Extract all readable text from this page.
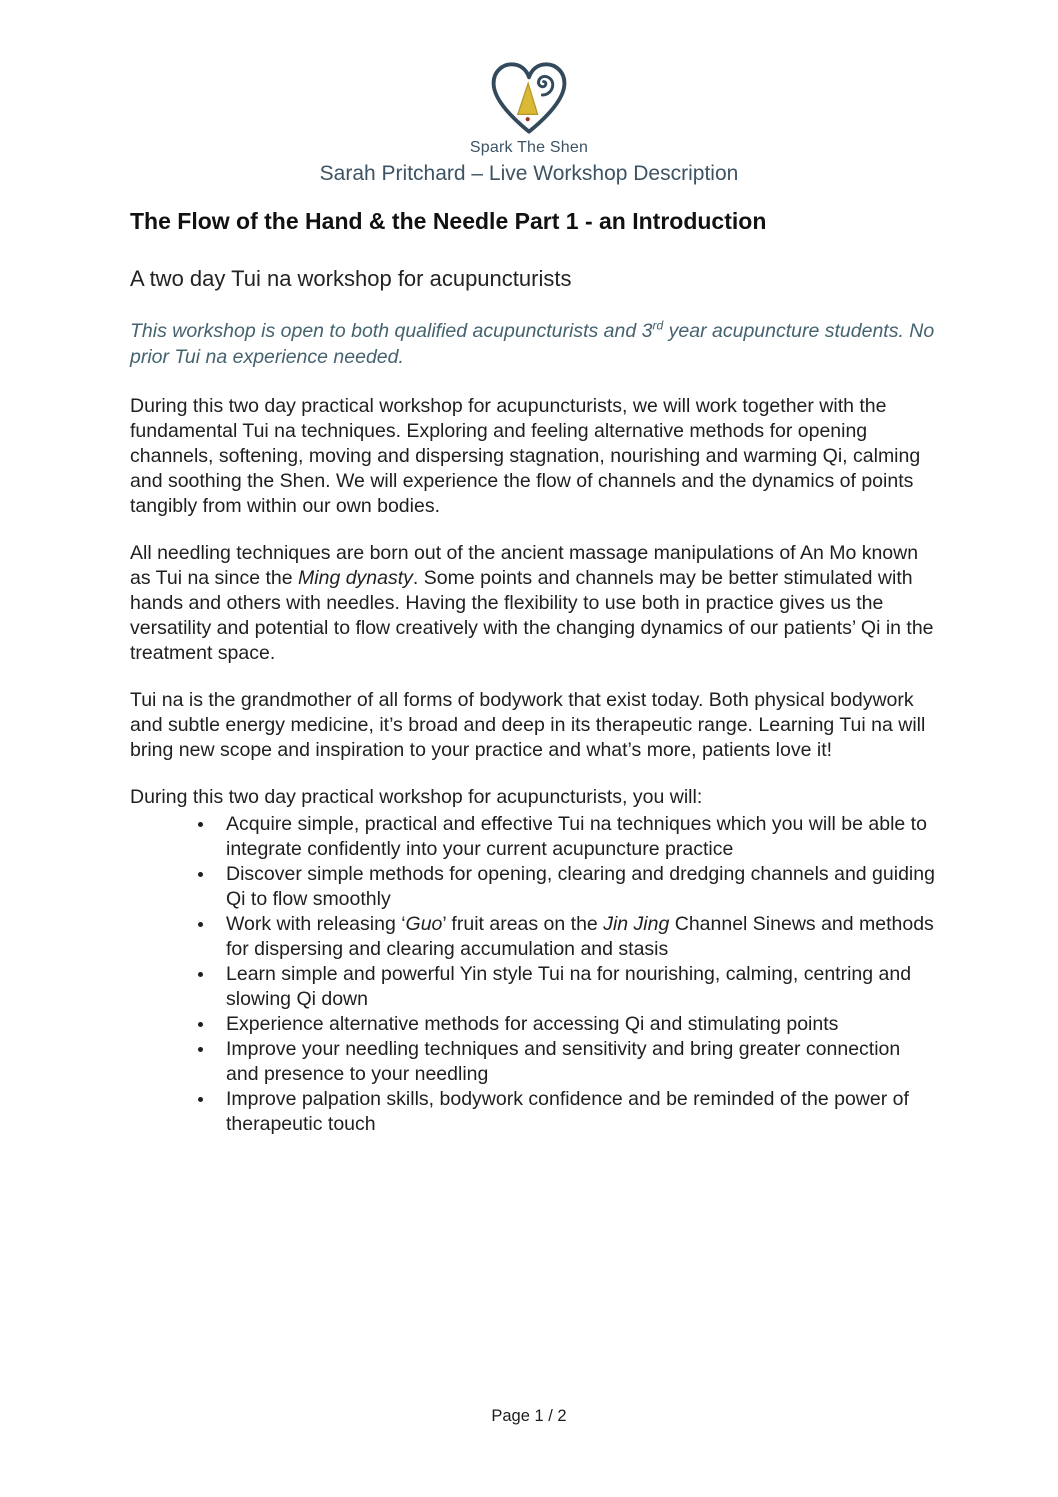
Spark The Shen
Sarah Pritchard – Live Workshop Description
The Flow of the Hand & the Needle Part 1 - an Introduction
A two day Tui na workshop for acupuncturists

This workshop is open to both qualified acupuncturists and 3rd year acupuncture students. No prior Tui na experience needed.

During this two day practical workshop for acupuncturists, we will work together with the fundamental Tui na techniques. Exploring and feeling alternative methods for opening channels, softening, moving and dispersing stagnation, nourishing and warming Qi, calming and soothing the Shen. We will experience the flow of channels and the dynamics of points tangibly from within our own bodies.

All needling techniques are born out of the ancient massage manipulations of An Mo known as Tui na since the Ming dynasty. Some points and channels may be better stimulated with hands and others with needles. Having the flexibility to use both in practice gives us the versatility and potential to flow creatively with the changing dynamics of our patients’ Qi in the treatment space.

Tui na is the grandmother of all forms of bodywork that exist today. Both physical bodywork and subtle energy medicine, it’s broad and deep in its therapeutic range. Learning Tui na will bring new scope and inspiration to your practice and what’s more, patients love it!

During this two day practical workshop for acupuncturists, you will:

Acquire simple, practical and effective Tui na techniques which you will be able to integrate confidently into your current acupuncture practice
Discover simple methods for opening, clearing and dredging channels and guiding Qi to flow smoothly
Work with releasing ‘Guo’ fruit areas on the Jin Jing Channel Sinews and methods for dispersing and clearing accumulation and stasis
Learn simple and powerful Yin style Tui na for nourishing, calming, centring and slowing Qi down
Experience alternative methods for accessing Qi and stimulating points
Improve your needling techniques and sensitivity and bring greater connection and presence to your needling
Improve palpation skills, bodywork confidence and be reminded of the power of therapeutic touch
Page 1 / 2
